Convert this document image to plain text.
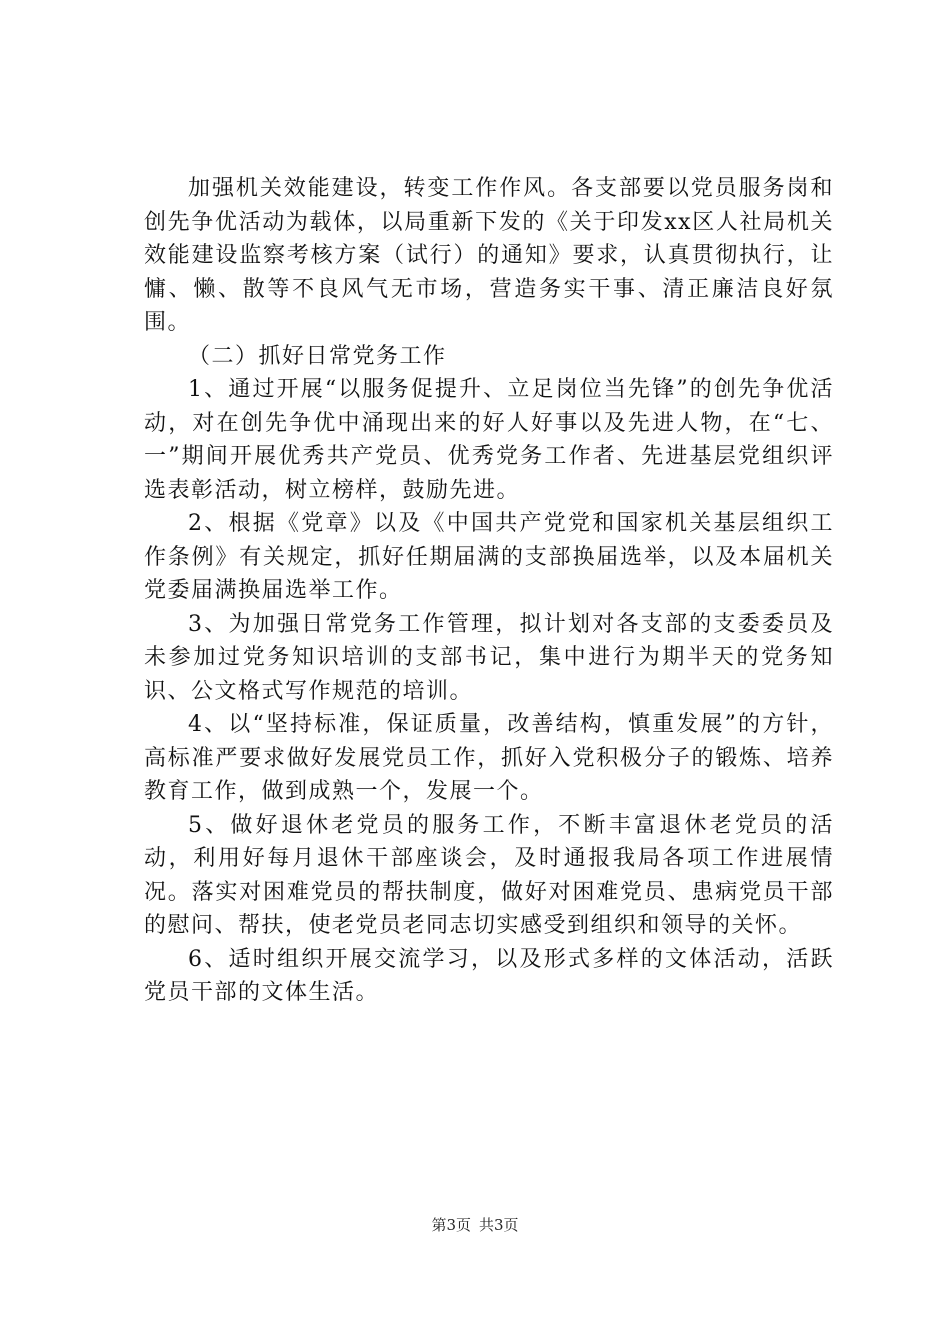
加强机关效能建设，转变工作作风。各支部要以党员服务岗和创先争优活动为载体，以局重新下发的《关于印发xx区人社局机关效能建设监察考核方案（试行）的通知》要求，认真贯彻执行，让慵、懒、散等不良风气无市场，营造务实干事、清正廉洁良好氛围。

（二）抓好日常党务工作

1、通过开展“以服务促提升、立足岗位当先锋”的创先争优活动，对在创先争优中涌现出来的好人好事以及先进人物，在“七、一”期间开展优秀共产党员、优秀党务工作者、先进基层党组织评选表彰活动，树立榜样，鼓励先进。

2、根据《党章》以及《中国共产党党和国家机关基层组织工作条例》有关规定，抓好任期届满的支部换届选举，以及本届机关党委届满换届选举工作。

3、为加强日常党务工作管理，拟计划对各支部的支委委员及未参加过党务知识培训的支部书记，集中进行为期半天的党务知识、公文格式写作规范的培训。

4、以“坚持标准，保证质量，改善结构，慎重发展”的方针，高标准严要求做好发展党员工作，抓好入党积极分子的锻炼、培养教育工作，做到成熟一个，发展一个。

5、做好退休老党员的服务工作，不断丰富退休老党员的活动，利用好每月退休干部座谈会，及时通报我局各项工作进展情况。落实对困难党员的帮扶制度，做好对困难党员、患病党员干部的慰问、帮扶，使老党员老同志切实感受到组织和领导的关怀。

6、适时组织开展交流学习，以及形式多样的文体活动，活跃党员干部的文体生活。

第3页 共3页
